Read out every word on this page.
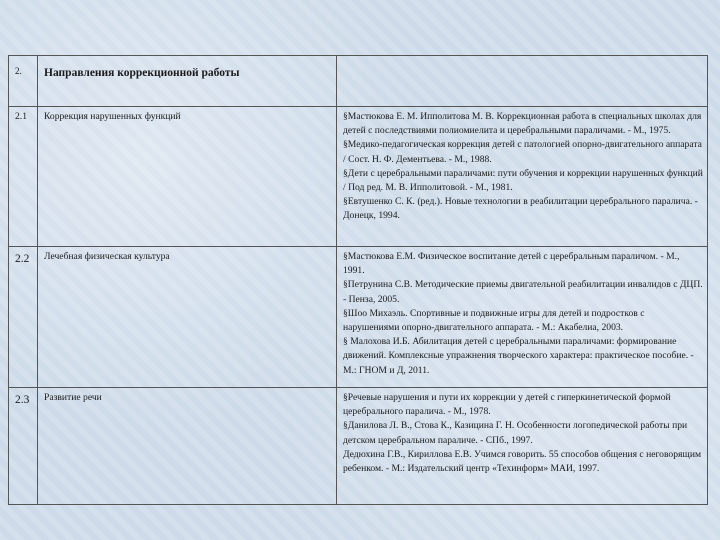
2.	Направления коррекционной работы	
2.1	Коррекция нарушенных функций	§Мастюкова Е. М. Ипполитова М. В. Коррекционная работа в специальных школах для детей с последствиями полиомиелита и церебральными параличами. - М., 1975.
§Медико-педагогическая коррекция детей с патологией опорно-двигательного аппарата / Сост. Н. Ф. Дементьева. - М., 1988.
§Дети с церебральными параличами: пути обучения и коррекции нарушенных функций / Под ред. М. В. Ипполитовой. - М., 1981.
§Евтушенко С. К. (ред.). Новые технологии в реабилитации церебрального паралича. - Донецк, 1994.

2.2	Лечебная физическая культура	§Мастюкова Е.М. Физическое воспитание детей с церебральным параличом. - М., 1991.
§Петрунина С.В. Методические приемы двигательной реабилитации инвалидов с ДЦП. - Пенза, 2005.
§Шоо Михаэль. Спортивные и подвижные игры для детей и подростков с нарушениями опорно-двигательного аппарата. - М.: Акабелиа, 2003.
§ Малохова И.Б. Абилитация детей с церебральными параличами: формирование движений. Комплексные упражнения творческого характера: практическое пособие. - М.: ГНОМ и Д, 2011.

2.3	Развитие речи	§Речевые нарушения и пути их коррекции у детей с гиперкинетической формой церебрального паралича. - М., 1978.
§Данилова Л. В., Стова К., Казицина Г. Н. Особенности логопедической работы при детском церебральном параличе. - СПб., 1997.
Дедюхина Г.В., Кириллова Е.В. Учимся говорить. 55 способов общения с неговорящим ребенком. - М.: Издательский центр «Техинформ» МАИ, 1997.
